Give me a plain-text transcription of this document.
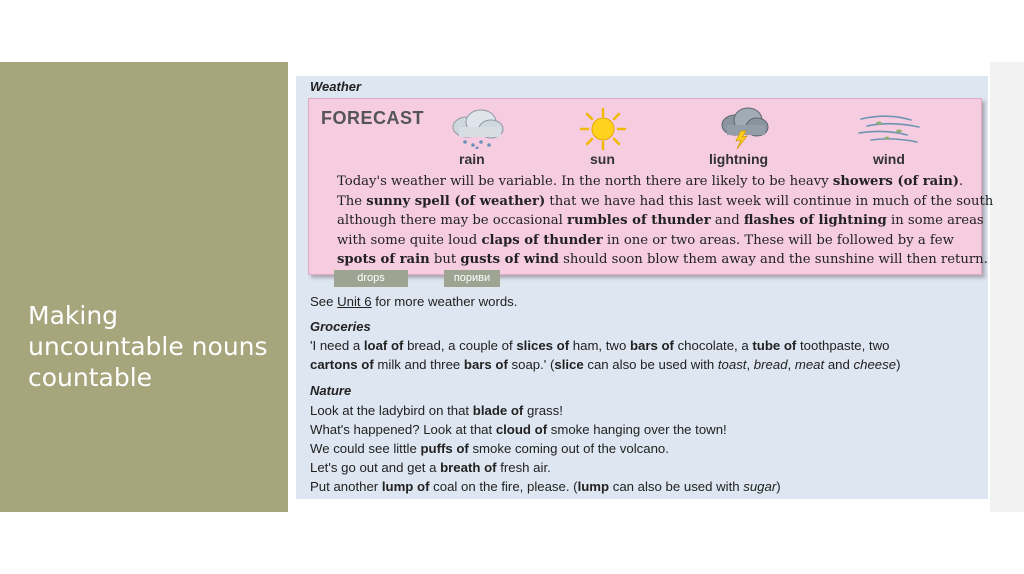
Making uncountable nouns countable
Weather
FORECAST
rain	sun	lightning	wind
Today's weather will be variable. In the north there are likely to be heavy showers (of rain).
The sunny spell (of weather) that we have had this last week will continue in much of the south
although there may be occasional rumbles of thunder and flashes of lightning in some areas
with some quite loud claps of thunder in one or two areas. These will be followed by a few
spots of rain but gusts of wind should soon blow them away and the sunshine will then return.
drops	пориви
See Unit 6 for more weather words.
Groceries
'I need a loaf of bread, a couple of slices of ham, two bars of chocolate, a tube of toothpaste, two
cartons of milk and three bars of soap.' (slice can also be used with toast, bread, meat and cheese)
Nature
Look at the ladybird on that blade of grass!
What's happened? Look at that cloud of smoke hanging over the town!
We could see little puffs of smoke coming out of the volcano.
Let's go out and get a breath of fresh air.
Put another lump of coal on the fire, please. (lump can also be used with sugar)
